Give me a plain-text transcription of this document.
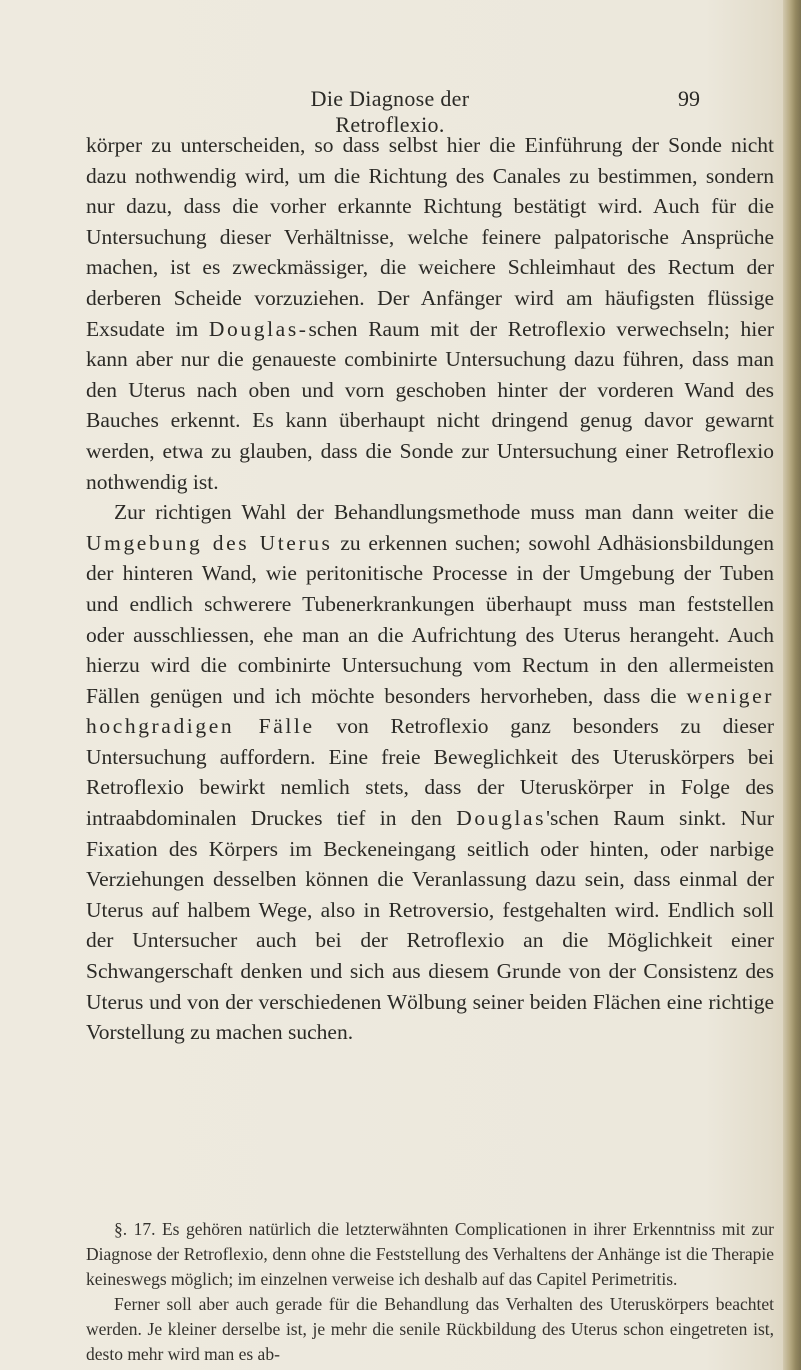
Die Diagnose der Retroflexio.
99

körper zu unterscheiden, so dass selbst hier die Einführung der Sonde nicht dazu nothwendig wird, um die Richtung des Canales zu bestimmen, sondern nur dazu, dass die vorher erkannte Richtung bestätigt wird. Auch für die Untersuchung dieser Verhältnisse, welche feinere palpatorische Ansprüche machen, ist es zweckmässiger, die weichere Schleimhaut des Rectum der derberen Scheide vorzuziehen. Der Anfänger wird am häufigsten flüssige Exsudate im Douglas-schen Raum mit der Retroflexio verwechseln; hier kann aber nur die genaueste combinirte Untersuchung dazu führen, dass man den Uterus nach oben und vorn geschoben hinter der vorderen Wand des Bauches erkennt. Es kann überhaupt nicht dringend genug davor gewarnt werden, etwa zu glauben, dass die Sonde zur Untersuchung einer Retroflexio nothwendig ist.

Zur richtigen Wahl der Behandlungsmethode muss man dann weiter die Umgebung des Uterus zu erkennen suchen; sowohl Adhäsionsbildungen der hinteren Wand, wie peritonitische Processe in der Umgebung der Tuben und endlich schwerere Tubenerkrankungen überhaupt muss man feststellen oder ausschliessen, ehe man an die Aufrichtung des Uterus herangeht. Auch hierzu wird die combinirte Untersuchung vom Rectum in den allermeisten Fällen genügen und ich möchte besonders hervorheben, dass die weniger hochgradigen Fälle von Retroflexio ganz besonders zu dieser Untersuchung auffordern. Eine freie Beweglichkeit des Uteruskörpers bei Retroflexio bewirkt nemlich stets, dass der Uteruskörper in Folge des intraabdominalen Druckes tief in den Douglas'schen Raum sinkt. Nur Fixation des Körpers im Beckeneingang seitlich oder hinten, oder narbige Verziehungen desselben können die Veranlassung dazu sein, dass einmal der Uterus auf halbem Wege, also in Retroversio, festgehalten wird. Endlich soll der Untersucher auch bei der Retroflexio an die Möglichkeit einer Schwangerschaft denken und sich aus diesem Grunde von der Consistenz des Uterus und von der verschiedenen Wölbung seiner beiden Flächen eine richtige Vorstellung zu machen suchen.

§. 17. Es gehören natürlich die letzterwähnten Complicationen in ihrer Erkenntniss mit zur Diagnose der Retroflexio, denn ohne die Feststellung des Verhaltens der Anhänge ist die Therapie keineswegs möglich; im einzelnen verweise ich deshalb auf das Capitel Perimetritis.

Ferner soll aber auch gerade für die Behandlung das Verhalten des Uteruskörpers beachtet werden. Je kleiner derselbe ist, je mehr die senile Rückbildung des Uterus schon eingetreten ist, desto mehr wird man es ab-
